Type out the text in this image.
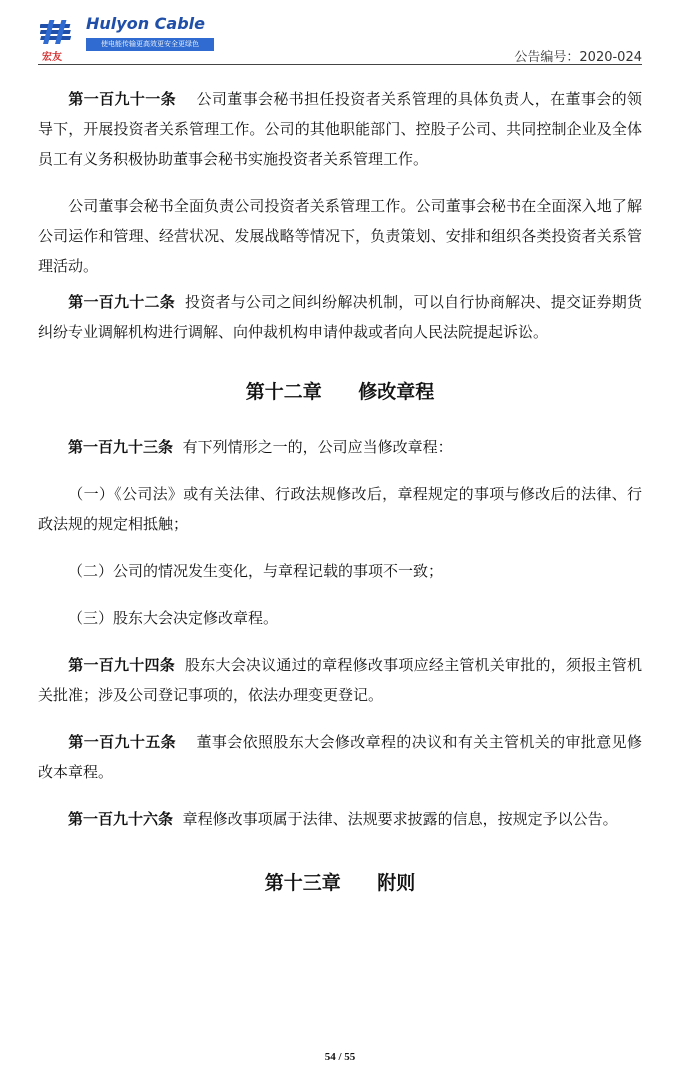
Hulyon Cable
使电能传输更高效更安全更绿色
宏友	公告编号：2020-024

第一百九十一条 公司董事会秘书担任投资者关系管理的具体负责人，在董事会的领导下，开展投资者关系管理工作。公司的其他职能部门、控股子公司、共同控制企业及全体员工有义务积极协助董事会秘书实施投资者关系管理工作。

公司董事会秘书全面负责公司投资者关系管理工作。公司董事会秘书在全面深入地了解公司运作和管理、经营状况、发展战略等情况下，负责策划、安排和组织各类投资者关系管理活动。

第一百九十二条 投资者与公司之间纠纷解决机制，可以自行协商解决、提交证券期货纠纷专业调解机构进行调解、向仲裁机构申请仲裁或者向人民法院提起诉讼。

第十二章 修改章程

第一百九十三条 有下列情形之一的，公司应当修改章程：

（一）《公司法》或有关法律、行政法规修改后，章程规定的事项与修改后的法律、行政法规的规定相抵触；

（二）公司的情况发生变化，与章程记载的事项不一致；

（三）股东大会决定修改章程。

第一百九十四条 股东大会决议通过的章程修改事项应经主管机关审批的，须报主管机关批准；涉及公司登记事项的，依法办理变更登记。

第一百九十五条 董事会依照股东大会修改章程的决议和有关主管机关的审批意见修改本章程。

第一百九十六条 章程修改事项属于法律、法规要求披露的信息，按规定予以公告。

第十三章 附则
54 / 55
